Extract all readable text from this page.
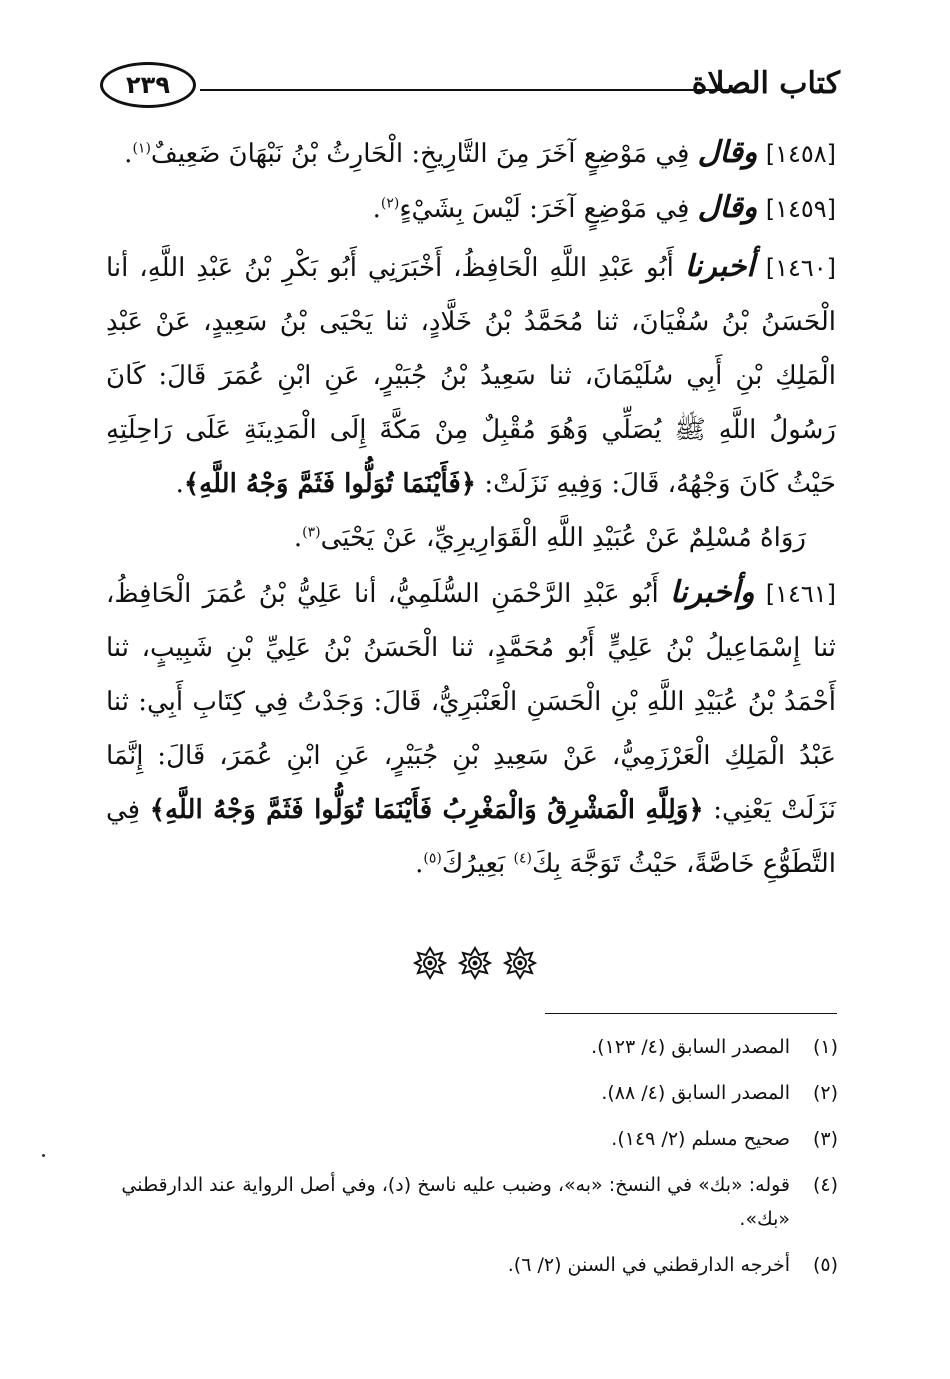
كتاب الصلاة
٢٣٩

[١٤٥٨] وقال فِي مَوْضِعٍ آخَرَ مِنَ التَّارِيخِ: الْحَارِثُ بْنُ نَبْهَانَ ضَعِيفٌ$^{(١)}$.

[١٤٥٩] وقال فِي مَوْضِعٍ آخَرَ: لَيْسَ بِشَيْءٍ$^{(٢)}$.

[١٤٦٠] أخبرنا أَبُو عَبْدِ اللَّهِ الْحَافِظُ، أَخْبَرَنِي أَبُو بَكْرِ بْنُ عَبْدِ اللَّهِ، أنا الْحَسَنُ بْنُ سُفْيَانَ، ثنا مُحَمَّدُ بْنُ خَلَّادٍ، ثنا يَحْيَى بْنُ سَعِيدٍ، عَنْ عَبْدِ الْمَلِكِ بْنِ أَبِي سُلَيْمَانَ، ثنا سَعِيدُ بْنُ جُبَيْرٍ، عَنِ ابْنِ عُمَرَ قَالَ: كَانَ رَسُولُ اللَّهِ ﷺ يُصَلِّي وَهُوَ مُقْبِلٌ مِنْ مَكَّةَ إِلَى الْمَدِينَةِ عَلَى رَاحِلَتِهِ حَيْثُ كَانَ وَجْهُهُ، قَالَ: وَفِيهِ نَزَلَتْ: ﴿فَأَيْنَمَا تُوَلُّوا فَثَمَّ وَجْهُ اللَّهِ﴾.

رَوَاهُ مُسْلِمٌ عَنْ عُبَيْدِ اللَّهِ الْقَوَارِيرِيِّ، عَنْ يَحْيَى$^{(٣)}$.

[١٤٦١] وأخبرنا أَبُو عَبْدِ الرَّحْمَنِ السُّلَمِيُّ، أنا عَلِيُّ بْنُ عُمَرَ الْحَافِظُ، ثنا إِسْمَاعِيلُ بْنُ عَلِيٍّ أَبُو مُحَمَّدٍ، ثنا الْحَسَنُ بْنُ عَلِيِّ بْنِ شَبِيبٍ، ثنا أَحْمَدُ بْنُ عُبَيْدِ اللَّهِ بْنِ الْحَسَنِ الْعَنْبَرِيُّ، قَالَ: وَجَدْتُ فِي كِتَابِ أَبِي: ثنا عَبْدُ الْمَلِكِ الْعَرْزَمِيُّ، عَنْ سَعِيدِ بْنِ جُبَيْرٍ، عَنِ ابْنِ عُمَرَ، قَالَ: إِنَّمَا نَزَلَتْ يَعْنِي: ﴿وَلِلَّهِ الْمَشْرِقُ وَالْمَغْرِبُ فَأَيْنَمَا تُوَلُّوا فَثَمَّ وَجْهُ اللَّهِ﴾ فِي التَّطَوُّعِ خَاصَّةً، حَيْثُ تَوَجَّهَ بِكَ$^{(٤)}$ بَعِيرُكَ$^{(٥)}$.

(١)
المصدر السابق (٤/ ١٢٣).
(٢)
المصدر السابق (٤/ ٨٨).
(٣)
صحيح مسلم (٢/ ١٤٩).
(٤)
قوله: «بك» في النسخ: «به»، وضبب عليه ناسخ (د)، وفي أصل الرواية عند الدارقطني «بك».
(٥)
أخرجه الدارقطني في السنن (٢/ ٦).
